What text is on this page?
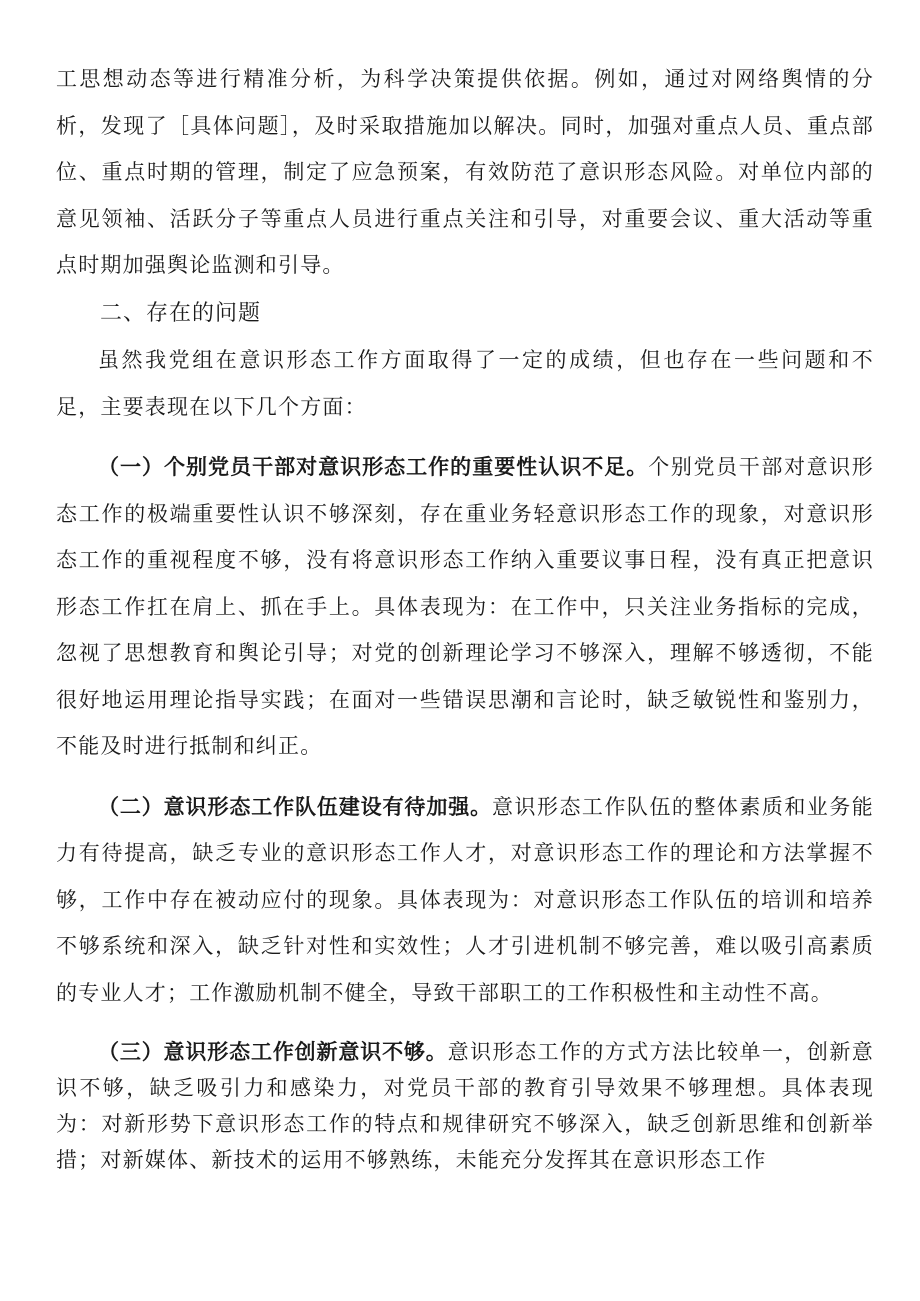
工思想动态等进行精准分析，为科学决策提供依据。例如，通过对网络舆情的分析，发现了［具体问题］，及时采取措施加以解决。同时，加强对重点人员、重点部位、重点时期的管理，制定了应急预案，有效防范了意识形态风险。对单位内部的意见领袖、活跃分子等重点人员进行重点关注和引导，对重要会议、重大活动等重点时期加强舆论监测和引导。

二、存在的问题

虽然我党组在意识形态工作方面取得了一定的成绩，但也存在一些问题和不足，主要表现在以下几个方面：

（一）个别党员干部对意识形态工作的重要性认识不足。个别党员干部对意识形态工作的极端重要性认识不够深刻，存在重业务轻意识形态工作的现象，对意识形态工作的重视程度不够，没有将意识形态工作纳入重要议事日程，没有真正把意识形态工作扛在肩上、抓在手上。具体表现为：在工作中，只关注业务指标的完成，忽视了思想教育和舆论引导；对党的创新理论学习不够深入，理解不够透彻，不能很好地运用理论指导实践；在面对一些错误思潮和言论时，缺乏敏锐性和鉴别力，不能及时进行抵制和纠正。

（二）意识形态工作队伍建设有待加强。意识形态工作队伍的整体素质和业务能力有待提高，缺乏专业的意识形态工作人才，对意识形态工作的理论和方法掌握不够，工作中存在被动应付的现象。具体表现为：对意识形态工作队伍的培训和培养不够系统和深入，缺乏针对性和实效性；人才引进机制不够完善，难以吸引高素质的专业人才；工作激励机制不健全，导致干部职工的工作积极性和主动性不高。

（三）意识形态工作创新意识不够。意识形态工作的方式方法比较单一，创新意识不够，缺乏吸引力和感染力，对党员干部的教育引导效果不够理想。具体表现为：对新形势下意识形态工作的特点和规律研究不够深入，缺乏创新思维和创新举措；对新媒体、新技术的运用不够熟练，未能充分发挥其在意识形态工作
